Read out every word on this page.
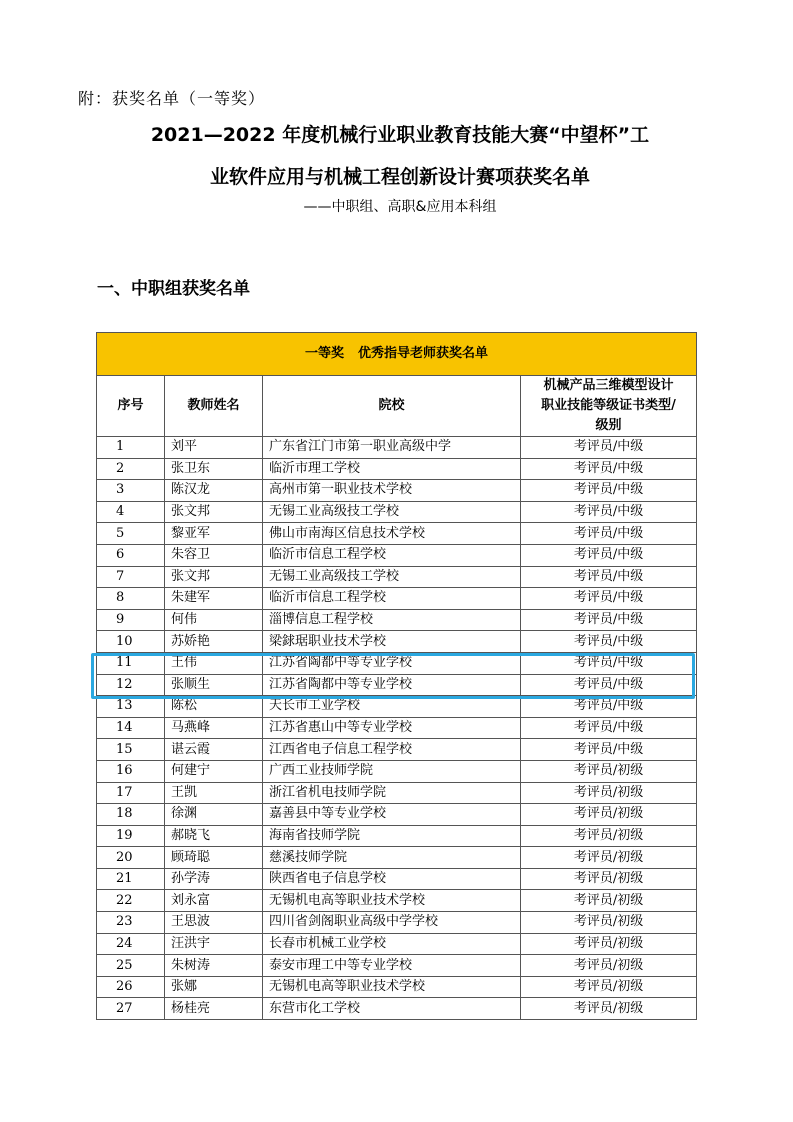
附：获奖名单（一等奖）
2021—2022 年度机械行业职业教育技能大赛“中望杯”工
业软件应用与机械工程创新设计赛项获奖名单
——中职组、高职&应用本科组
一、中职组获奖名单
一等奖 优秀指导老师获奖名单			
序号	教师姓名	院校	机械产品三维模型设计
职业技能等级证书类型/
级别

1	刘平	广东省江门市第一职业高级中学	考评员/中级
2	张卫东	临沂市理工学校	考评员/中级
3	陈汉龙	高州市第一职业技术学校	考评员/中级
4	张文邦	无锡工业高级技工学校	考评员/中级
5	黎亚军	佛山市南海区信息技术学校	考评员/中级
6	朱容卫	临沂市信息工程学校	考评员/中级
7	张文邦	无锡工业高级技工学校	考评员/中级
8	朱建军	临沂市信息工程学校	考评员/中级
9	何伟	淄博信息工程学校	考评员/中级
10	苏娇艳	梁銶琚职业技术学校	考评员/中级
11	王伟	江苏省陶都中等专业学校	考评员/中级
12	张顺生	江苏省陶都中等专业学校	考评员/中级
13	陈松	天长市工业学校	考评员/中级
14	马燕峰	江苏省惠山中等专业学校	考评员/中级
15	谌云霞	江西省电子信息工程学校	考评员/中级
16	何建宁	广西工业技师学院	考评员/初级
17	王凯	浙江省机电技师学院	考评员/初级
18	徐渊	嘉善县中等专业学校	考评员/初级
19	郝晓飞	海南省技师学院	考评员/初级
20	顾琦聪	慈溪技师学院	考评员/初级
21	孙学涛	陕西省电子信息学校	考评员/初级
22	刘永富	无锡机电高等职业技术学校	考评员/初级
23	王思波	四川省剑阁职业高级中学学校	考评员/初级
24	汪洪宇	长春市机械工业学校	考评员/初级
25	朱树涛	泰安市理工中等专业学校	考评员/初级
26	张娜	无锡机电高等职业技术学校	考评员/初级
27	杨桂亮	东营市化工学校	考评员/初级
